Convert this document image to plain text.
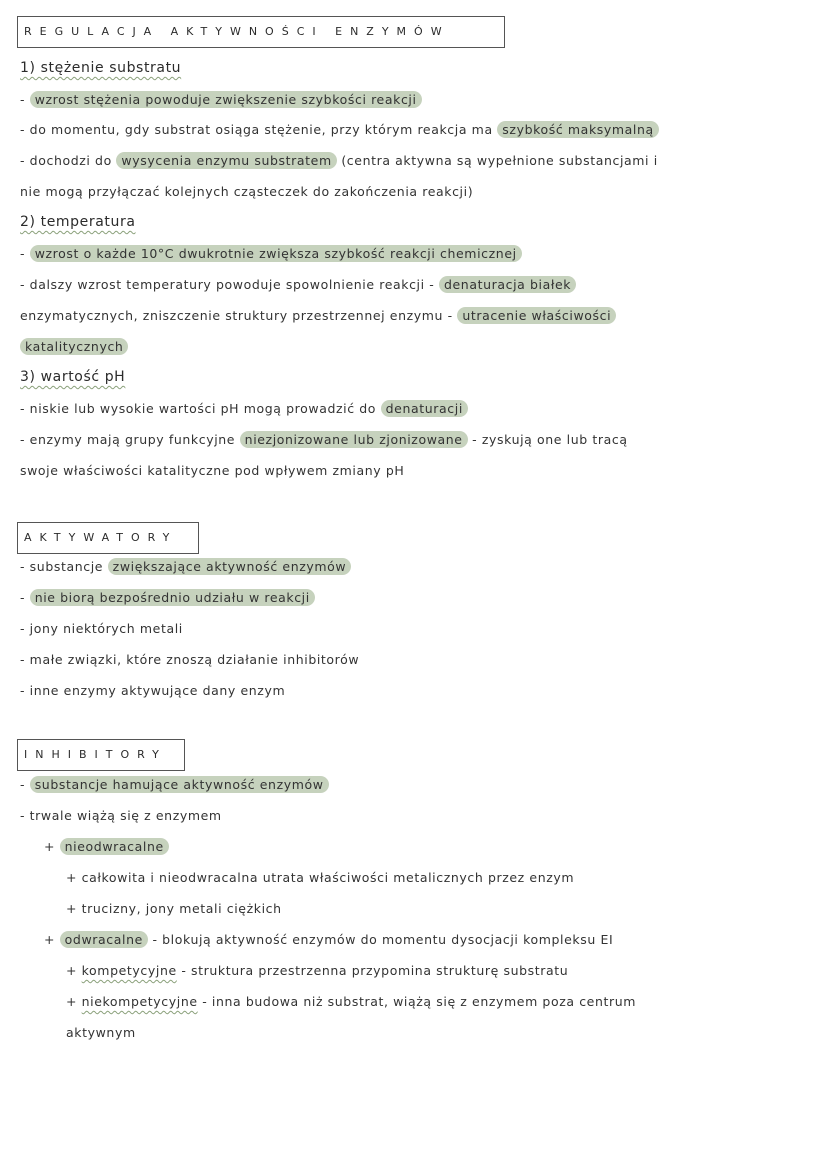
REGULACJA AKTYWNOŚCI ENZYMÓW
1) stężenie substratu
- wzrost stężenia powoduje zwiększenie szybkości reakcji
- do momentu, gdy substrat osiąga stężenie, przy którym reakcja ma szybkość maksymalną
- dochodzi do wysycenia enzymu substratem (centra aktywna są wypełnione substancjami i
nie mogą przyłączać kolejnych cząsteczek do zakończenia reakcji)
2) temperatura
- wzrost o każde 10°C dwukrotnie zwiększa szybkość reakcji chemicznej
- dalszy wzrost temperatury powoduje spowolnienie reakcji - denaturacja białek
enzymatycznych, zniszczenie struktury przestrzennej enzymu - utracenie właściwości
katalitycznych
3) wartość pH
- niskie lub wysokie wartości pH mogą prowadzić do denaturacji
- enzymy mają grupy funkcyjne niezjonizowane lub zjonizowane - zyskują one lub tracą
swoje właściwości katalityczne pod wpływem zmiany pH
AKTYWATORY
- substancje zwiększające aktywność enzymów
- nie biorą bezpośrednio udziału w reakcji
- jony niektórych metali
- małe związki, które znoszą działanie inhibitorów
- inne enzymy aktywujące dany enzym
INHIBITORY
- substancje hamujące aktywność enzymów
- trwale wiążą się z enzymem
+ nieodwracalne
+ całkowita i nieodwracalna utrata właściwości metalicznych przez enzym
+ trucizny, jony metali ciężkich
+ odwracalne - blokują aktywność enzymów do momentu dysocjacji kompleksu EI
+ kompetycyjne - struktura przestrzenna przypomina strukturę substratu
+ niekompetycyjne - inna budowa niż substrat, wiążą się z enzymem poza centrum
aktywnym
